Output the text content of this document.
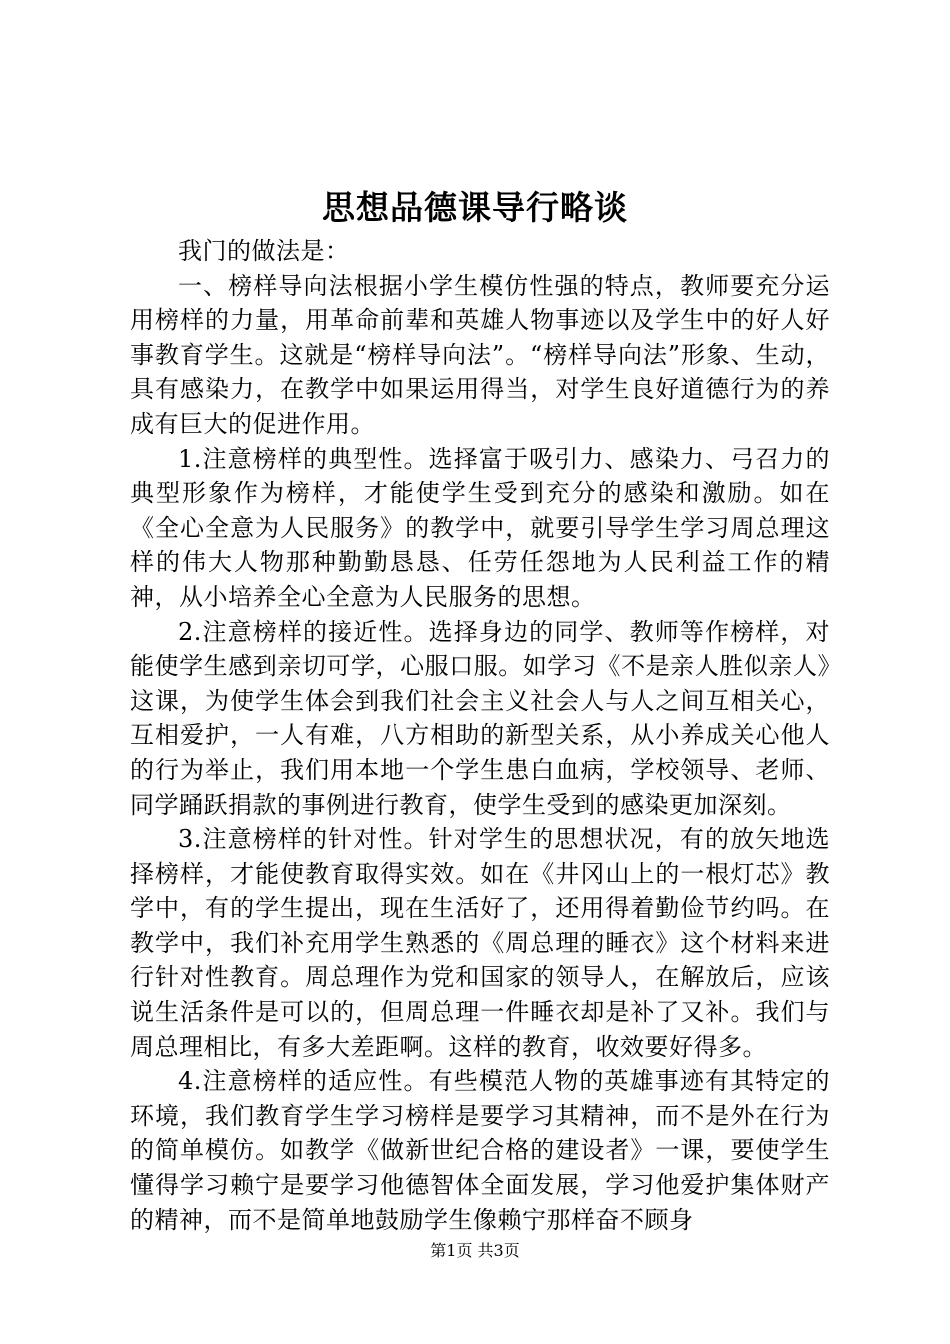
思想品德课导行略谈

我门的做法是：

一、榜样导向法根据小学生模仿性强的特点，教师要充分运用榜样的力量，用革命前辈和英雄人物事迹以及学生中的好人好事教育学生。这就是“榜样导向法”。“榜样导向法”形象、生动，具有感染力，在教学中如果运用得当，对学生良好道德行为的养成有巨大的促进作用。

1.注意榜样的典型性。选择富于吸引力、感染力、弓召力的典型形象作为榜样，才能使学生受到充分的感染和激励。如在《全心全意为人民服务》的教学中，就要引导学生学习周总理这样的伟大人物那种勤勤恳恳、任劳任怨地为人民利益工作的精神，从小培养全心全意为人民服务的思想。

2.注意榜样的接近性。选择身边的同学、教师等作榜样，对能使学生感到亲切可学，心服口服。如学习《不是亲人胜似亲人》这课，为使学生体会到我们社会主义社会人与人之间互相关心，互相爱护，一人有难，八方相助的新型关系，从小养成关心他人的行为举止，我们用本地一个学生患白血病，学校领导、老师、同学踊跃捐款的事例进行教育，使学生受到的感染更加深刻。

3.注意榜样的针对性。针对学生的思想状况，有的放矢地选择榜样，才能使教育取得实效。如在《井冈山上的一根灯芯》教学中，有的学生提出，现在生活好了，还用得着勤俭节约吗。在教学中，我们补充用学生熟悉的《周总理的睡衣》这个材料来进行针对性教育。周总理作为党和国家的领导人，在解放后，应该说生活条件是可以的，但周总理一件睡衣却是补了又补。我们与周总理相比，有多大差距啊。这样的教育，收效要好得多。

4.注意榜样的适应性。有些模范人物的英雄事迹有其特定的环境，我们教育学生学习榜样是要学习其精神，而不是外在行为的简单模仿。如教学《做新世纪合格的建设者》一课，要使学生懂得学习赖宁是要学习他德智体全面发展，学习他爱护集体财产的精神，而不是简单地鼓励学生像赖宁那样奋不顾身

第1页 共3页
